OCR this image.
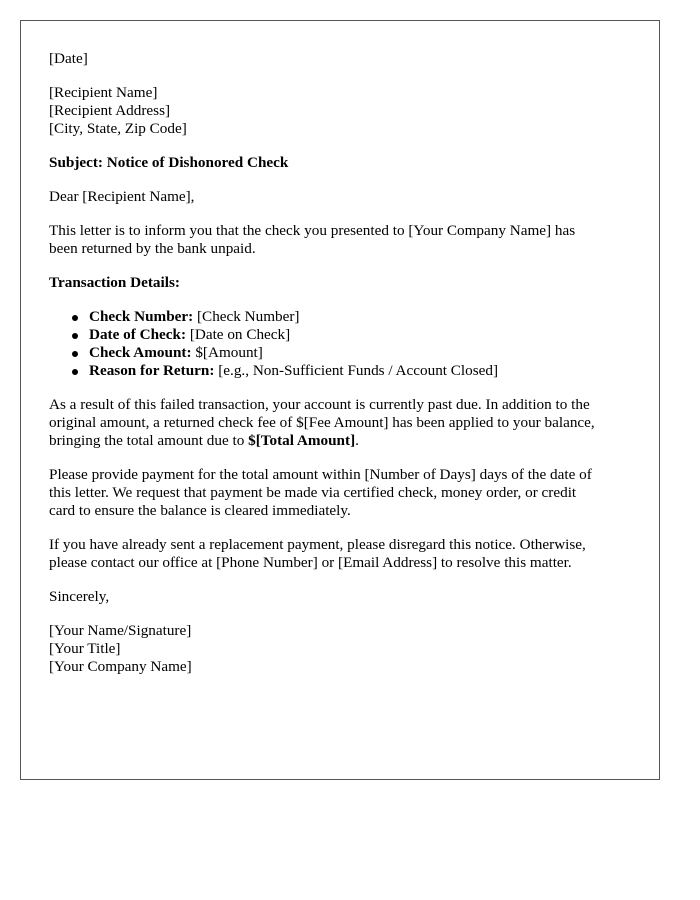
[Date]
[Recipient Name]
[Recipient Address]
[City, State, Zip Code]
Subject: Notice of Dishonored Check
Dear [Recipient Name],

This letter is to inform you that the check you presented to [Your Company Name] has
been returned by the bank unpaid.

Transaction Details:
Check Number: [Check Number]
Date of Check: [Date on Check]
Check Amount: $[Amount]
Reason for Return: [e.g., Non-Sufficient Funds / Account Closed]

As a result of this failed transaction, your account is currently past due. In addition to the
original amount, a returned check fee of $[Fee Amount] has been applied to your balance,
bringing the total amount due to $[Total Amount].

Please provide payment for the total amount within [Number of Days] days of the date of
this letter. We request that payment be made via certified check, money order, or credit
card to ensure the balance is cleared immediately.

If you have already sent a replacement payment, please disregard this notice. Otherwise,
please contact our office at [Phone Number] or [Email Address] to resolve this matter.

Sincerely,
[Your Name/Signature]
[Your Title]
[Your Company Name]
